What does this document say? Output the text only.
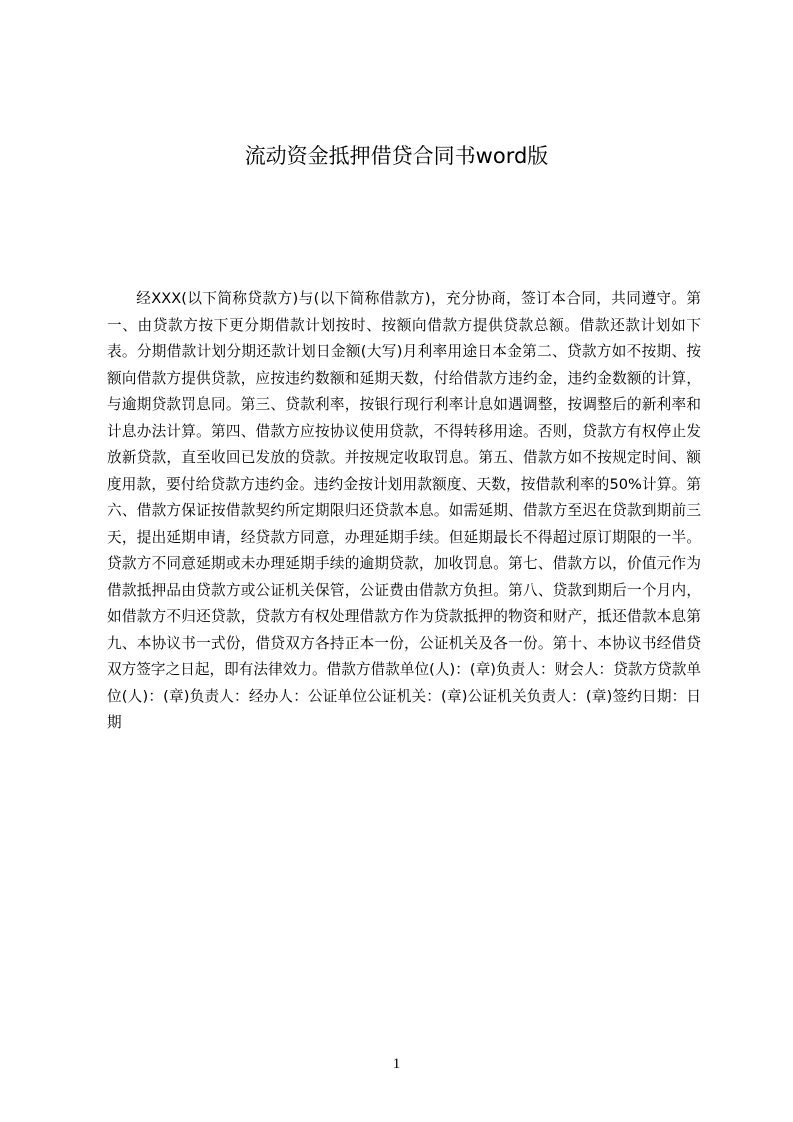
流动资金抵押借贷合同书word版

经XXX(以下简称贷款方)与(以下简称借款方)，充分协商，签订本合同，共同遵守。第一、由贷款方按下更分期借款计划按时、按额向借款方提供贷款总额。借款还款计划如下表。分期借款计划分期还款计划日金额(大写)月利率用途日本金第二、贷款方如不按期、按额向借款方提供贷款，应按违约数额和延期天数，付给借款方违约金，违约金数额的计算，与逾期贷款罚息同。第三、贷款利率，按银行现行利率计息如遇调整，按调整后的新利率和计息办法计算。第四、借款方应按协议使用贷款，不得转移用途。否则，贷款方有权停止发放新贷款，直至收回已发放的贷款。并按规定收取罚息。第五、借款方如不按规定时间、额度用款，要付给贷款方违约金。违约金按计划用款额度、天数，按借款利率的50%计算。第六、借款方保证按借款契约所定期限归还贷款本息。如需延期、借款方至迟在贷款到期前三天，提出延期申请，经贷款方同意，办理延期手续。但延期最长不得超过原订期限的一半。贷款方不同意延期或未办理延期手续的逾期贷款，加收罚息。第七、借款方以，价值元作为借款抵押品由贷款方或公证机关保管，公证费由借款方负担。第八、贷款到期后一个月内，如借款方不归还贷款，贷款方有权处理借款方作为贷款抵押的物资和财产，抵还借款本息第九、本协议书一式份，借贷双方各持正本一份，公证机关及各一份。第十、本协议书经借贷双方签字之日起，即有法律效力。借款方借款单位(人)：(章)负责人：财会人：贷款方贷款单位(人)：(章)负责人：经办人：公证单位公证机关：(章)公证机关负责人：(章)签约日期：日期

1
